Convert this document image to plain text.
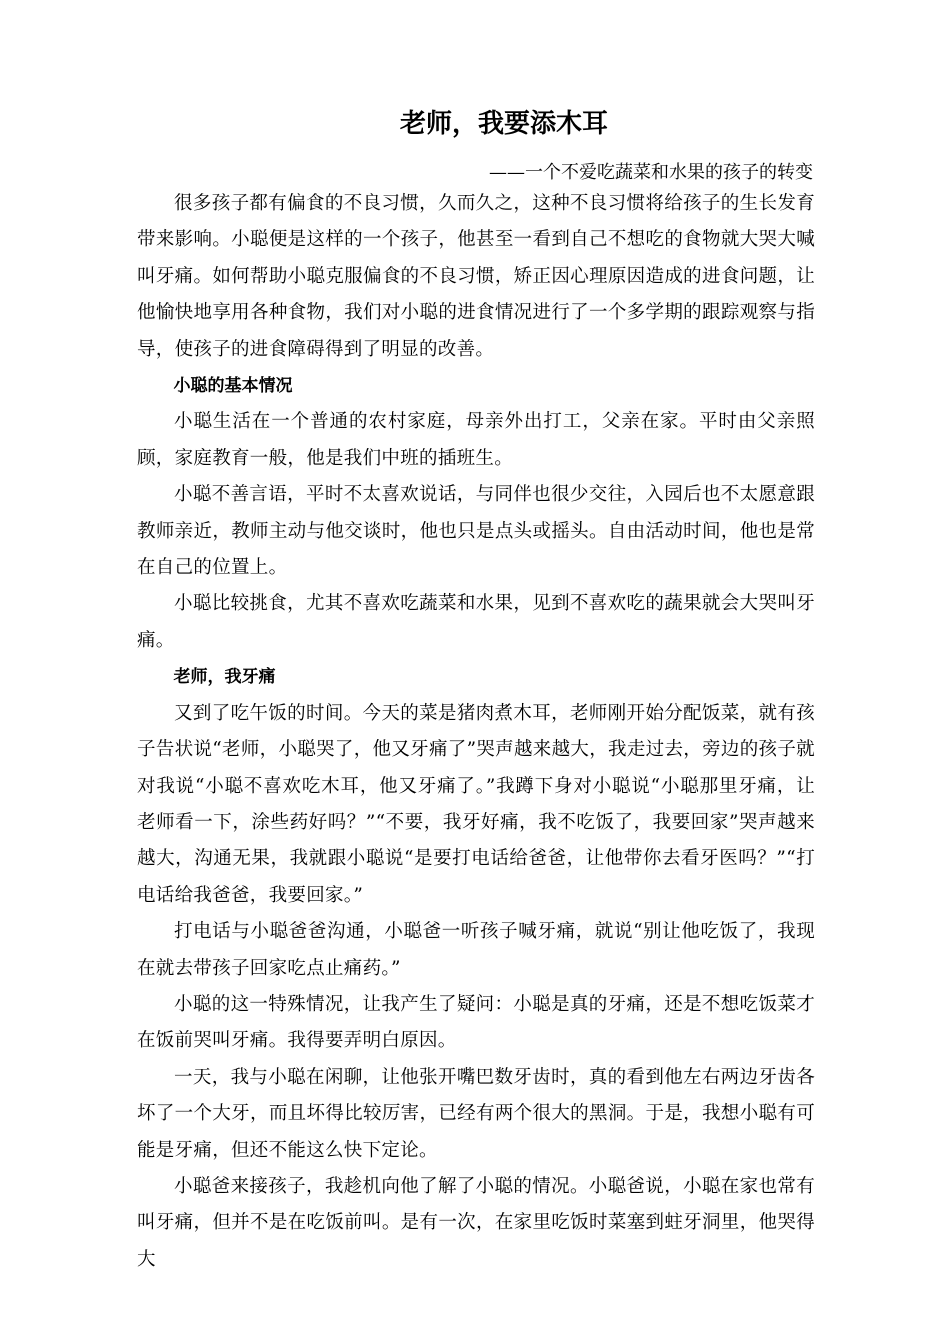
老师，我要添木耳
——一个不爱吃蔬菜和水果的孩子的转变

很多孩子都有偏食的不良习惯，久而久之，这种不良习惯将给孩子的生长发育带来影响。小聪便是这样的一个孩子，他甚至一看到自己不想吃的食物就大哭大喊叫牙痛。如何帮助小聪克服偏食的不良习惯，矫正因心理原因造成的进食问题，让他愉快地享用各种食物，我们对小聪的进食情况进行了一个多学期的跟踪观察与指导，使孩子的进食障碍得到了明显的改善。

小聪的基本情况

小聪生活在一个普通的农村家庭，母亲外出打工，父亲在家。平时由父亲照顾，家庭教育一般，他是我们中班的插班生。

小聪不善言语，平时不太喜欢说话，与同伴也很少交往，入园后也不太愿意跟教师亲近，教师主动与他交谈时，他也只是点头或摇头。自由活动时间，他也是常在自己的位置上。

小聪比较挑食，尤其不喜欢吃蔬菜和水果，见到不喜欢吃的蔬果就会大哭叫牙痛。

老师，我牙痛

又到了吃午饭的时间。今天的菜是猪肉煮木耳，老师刚开始分配饭菜，就有孩子告状说“老师，小聪哭了，他又牙痛了”哭声越来越大，我走过去，旁边的孩子就对我说“小聪不喜欢吃木耳，他又牙痛了。”我蹲下身对小聪说“小聪那里牙痛，让老师看一下，涂些药好吗？”“不要，我牙好痛，我不吃饭了，我要回家”哭声越来越大，沟通无果，我就跟小聪说“是要打电话给爸爸，让他带你去看牙医吗？”“打电话给我爸爸，我要回家。”

打电话与小聪爸爸沟通，小聪爸一听孩子喊牙痛，就说“别让他吃饭了，我现在就去带孩子回家吃点止痛药。”

小聪的这一特殊情况，让我产生了疑问：小聪是真的牙痛，还是不想吃饭菜才在饭前哭叫牙痛。我得要弄明白原因。

一天，我与小聪在闲聊，让他张开嘴巴数牙齿时，真的看到他左右两边牙齿各坏了一个大牙，而且坏得比较厉害，已经有两个很大的黑洞。于是，我想小聪有可能是牙痛，但还不能这么快下定论。

小聪爸来接孩子，我趁机向他了解了小聪的情况。小聪爸说，小聪在家也常有叫牙痛，但并不是在吃饭前叫。是有一次，在家里吃饭时菜塞到蛀牙洞里，他哭得大
